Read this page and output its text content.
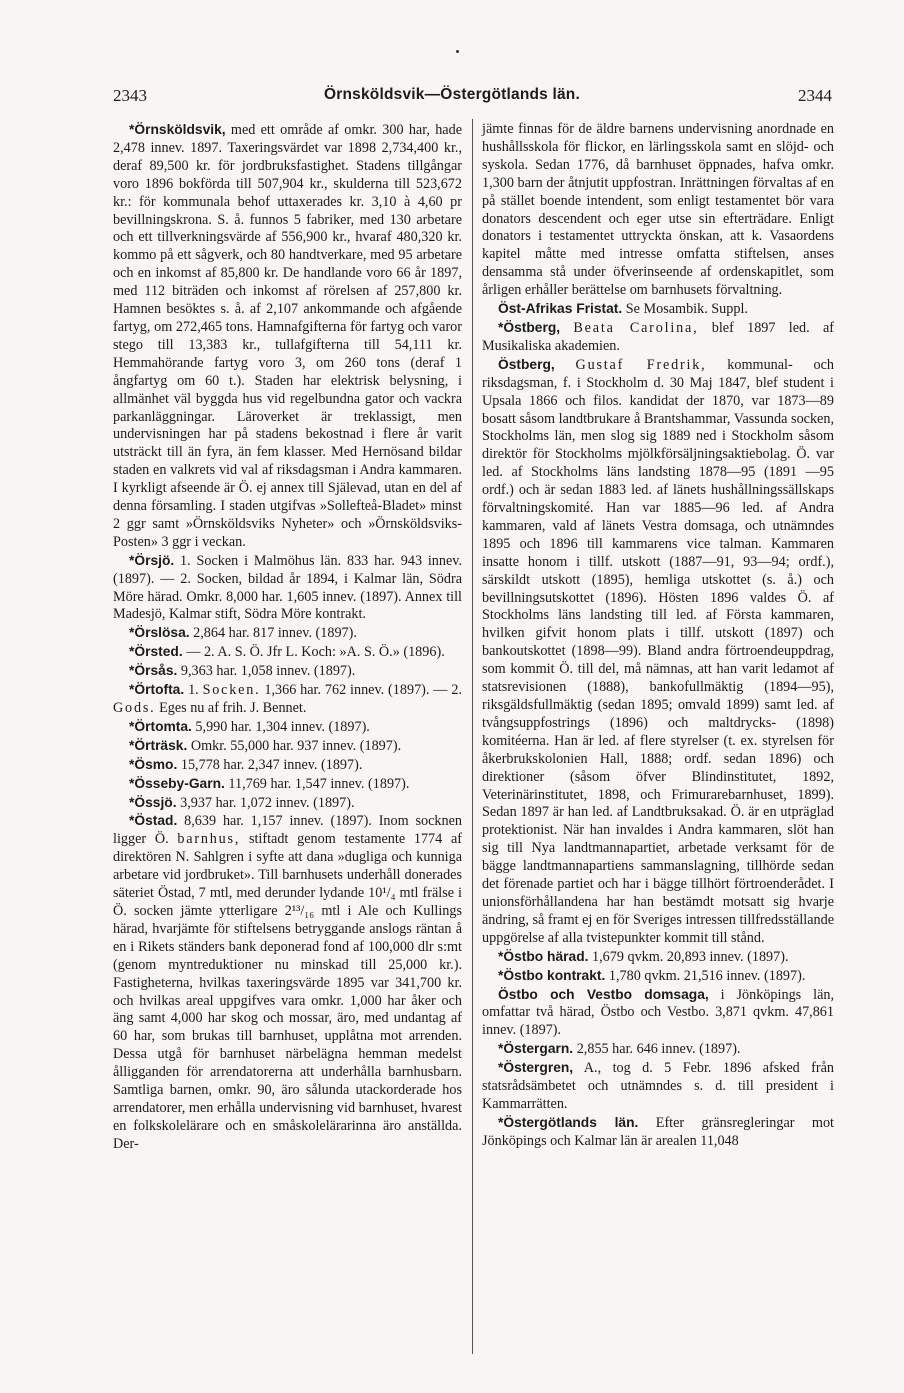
2343	Örnsköldsvik—Östergötlands län.	2344

*Örnsköldsvik, med ett område af omkr. 300 har, hade 2,478 innev. 1897. Taxeringsvärdet var 1898 2,734,400 kr., deraf 89,500 kr. för jordbruksfastighet. Stadens tillgångar voro 1896 bokförda till 507,904 kr., skulderna till 523,672 kr.: för kommunala behof uttaxerades kr. 3,10 à 4,60 pr bevillningskrona. S. å. funnos 5 fabriker, med 130 arbetare och ett tillverkningsvärde af 556,900 kr., hvaraf 480,320 kr. kommo på ett sågverk, och 80 handtverkare, med 95 arbetare och en inkomst af 85,800 kr. De handlande voro 66 år 1897, med 112 biträden och inkomst af rörelsen af 257,800 kr. Hamnen besöktes s. å. af 2,107 ankommande och afgående fartyg, om 272,465 tons. Hamnafgifterna för fartyg och varor stego till 13,383 kr., tullafgifterna till 54,111 kr. Hemmahörande fartyg voro 3, om 260 tons (deraf 1 ångfartyg om 60 t.). Staden har elektrisk belysning, i allmänhet väl byggda hus vid regelbundna gator och vackra parkanläggningar. Läroverket är treklassigt, men undervisningen har på stadens bekostnad i flere år varit utsträckt till än fyra, än fem klasser. Med Hernösand bildar staden en valkrets vid val af riksdagsman i Andra kammaren. I kyrkligt afseende är Ö. ej annex till Själevad, utan en del af denna församling. I staden utgifvas »Sollefteå-Bladet» minst 2 ggr samt »Örnsköldsviks Nyheter» och »Örnsköldsviks-Posten» 3 ggr i veckan.

*Örsjö. 1. Socken i Malmöhus län. 833 har. 943 innev. (1897). — 2. Socken, bildad år 1894, i Kalmar län, Södra Möre härad. Omkr. 8,000 har. 1,605 innev. (1897). Annex till Madesjö, Kalmar stift, Södra Möre kontrakt.

*Örslösa. 2,864 har. 817 innev. (1897).

*Örsted. — 2. A. S. Ö. Jfr L. Koch: »A. S. Ö.» (1896).

*Örsås. 9,363 har. 1,058 innev. (1897).

*Örtofta. 1. Socken. 1,366 har. 762 innev. (1897). — 2. Gods. Eges nu af frih. J. Bennet.

*Örtomta. 5,990 har. 1,304 innev. (1897).

*Örträsk. Omkr. 55,000 har. 937 innev. (1897).

*Ösmo. 15,778 har. 2,347 innev. (1897).

*Össeby-Garn. 11,769 har. 1,547 innev. (1897).

*Össjö. 3,937 har. 1,072 innev. (1897).

*Östad. 8,639 har. 1,157 innev. (1897). Inom socknen ligger Ö. barnhus, stiftadt genom testamente 1774 af direktören N. Sahlgren i syfte att dana »dugliga och kunniga arbetare vid jordbruket». Till barnhusets underhåll donerades säteriet Östad, 7 mtl, med derunder lydande 10¹/₄ mtl frälse i Ö. socken jämte ytterligare 2¹³/₁₆ mtl i Ale och Kullings härad, hvarjämte för stiftelsens betryggande anslogs räntan å en i Rikets ständers bank deponerad fond af 100,000 dlr s:mt (genom myntreduktioner nu minskad till 25,000 kr.). Fastigheterna, hvilkas taxeringsvärde 1895 var 341,700 kr. och hvilkas areal uppgifves vara omkr. 1,000 har åker och äng samt 4,000 har skog och mossar, äro, med undantag af 60 har, som brukas till barnhuset, upplåtna mot arrenden. Dessa utgå för barnhuset närbelägna hemman medelst ålligganden för arrendatorerna att underhålla barnhusbarn. Samtliga barnen, omkr. 90, äro sålunda utackorderade hos arrendatorer, men erhålla undervisning vid barnhuset, hvarest en folkskolelärare och en småskolelärarinna äro anställda. Der-

jämte finnas för de äldre barnens undervisning anordnade en hushållsskola för flickor, en lärlingsskola samt en slöjd- och syskola. Sedan 1776, då barnhuset öppnades, hafva omkr. 1,300 barn der åtnjutit uppfostran. Inrättningen förvaltas af en på stället boende intendent, som enligt testamentet bör vara donators descendent och eger utse sin efterträdare. Enligt donators i testamentet uttryckta önskan, att k. Vasaordens kapitel måtte med intresse omfatta stiftelsen, anses densamma stå under öfverinseende af ordenskapitlet, som årligen erhåller berättelse om barnhusets förvaltning.

Öst-Afrikas Fristat. Se Mosambik. Suppl.

*Östberg, Beata Carolina, blef 1897 led. af Musikaliska akademien.

Östberg, Gustaf Fredrik, kommunal- och riksdagsman, f. i Stockholm d. 30 Maj 1847, blef student i Upsala 1866 och filos. kandidat der 1870, var 1873—89 bosatt såsom landtbrukare å Brantshammar, Vassunda socken, Stockholms län, men slog sig 1889 ned i Stockholm såsom direktör för Stockholms mjölkförsäljningsaktiebolag. Ö. var led. af Stockholms läns landsting 1878—95 (1891 —95 ordf.) och är sedan 1883 led. af länets hushållningssällskaps förvaltningskomité. Han var 1885—96 led. af Andra kammaren, vald af länets Vestra domsaga, och utnämndes 1895 och 1896 till kammarens vice talman. Kammaren insatte honom i tillf. utskott (1887—91, 93—94; ordf.), särskildt utskott (1895), hemliga utskottet (s. å.) och bevillningsutskottet (1896). Hösten 1896 valdes Ö. af Stockholms läns landsting till led. af Första kammaren, hvilken gifvit honom plats i tillf. utskott (1897) och bankoutskottet (1898—99). Bland andra förtroendeuppdrag, som kommit Ö. till del, må nämnas, att han varit ledamot af statsrevisionen (1888), bankofullmäktig (1894—95), riksgäldsfullmäktig (sedan 1895; omvald 1899) samt led. af tvångsuppfostrings (1896) och maltdrycks- (1898) komitéerna. Han är led. af flere styrelser (t. ex. styrelsen för åkerbrukskolonien Hall, 1888; ordf. sedan 1896) och direktioner (såsom öfver Blindinstitutet, 1892, Veterinärinstitutet, 1898, och Frimurarebarnhuset, 1899). Sedan 1897 är han led. af Landtbruksakad. Ö. är en utpräglad protektionist. När han invaldes i Andra kammaren, slöt han sig till Nya landtmannapartiet, arbetade verksamt för de bägge landtmannapartiens sammanslagning, tillhörde sedan det förenade partiet och har i bägge tillhört förtroenderådet. I unionsförhållandena har han bestämdt motsatt sig hvarje ändring, så framt ej en för Sveriges intressen tillfredsställande uppgörelse af alla tvistepunkter kommit till stånd.

*Östbo härad. 1,679 qvkm. 20,893 innev. (1897).

*Östbo kontrakt. 1,780 qvkm. 21,516 innev. (1897).

Östbo och Vestbo domsaga, i Jönköpings län, omfattar två härad, Östbo och Vestbo. 3,871 qvkm. 47,861 innev. (1897).

*Östergarn. 2,855 har. 646 innev. (1897).

*Östergren, A., tog d. 5 Febr. 1896 afsked från statsrådsämbetet och utnämndes s. d. till president i Kammarrätten.

*Östergötlands län. Efter gränsregleringar mot Jönköpings och Kalmar län är arealen 11,048
